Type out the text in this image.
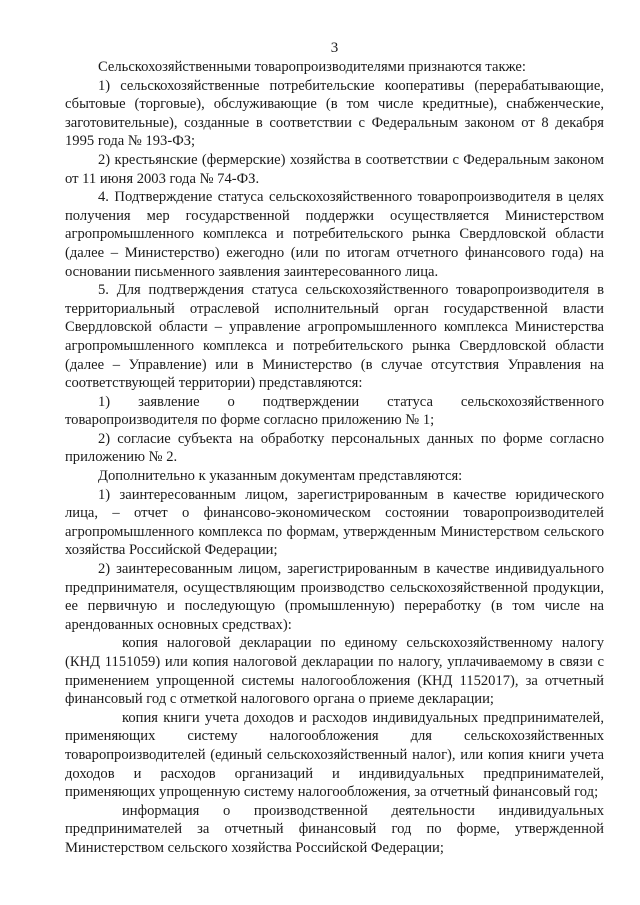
3

Сельскохозяйственными товаропроизводителями признаются также:

1) сельскохозяйственные потребительские кооперативы (перерабатывающие, сбытовые (торговые), обслуживающие (в том числе кредитные), снабженческие, заготовительные), созданные в соответствии с Федеральным законом от 8 декабря 1995 года № 193-ФЗ;

2) крестьянские (фермерские) хозяйства в соответствии с Федеральным законом от 11 июня 2003 года № 74-ФЗ.

4. Подтверждение статуса сельскохозяйственного товаропроизводителя в целях получения мер государственной поддержки осуществляется Министерством агропромышленного комплекса и потребительского рынка Свердловской области (далее – Министерство) ежегодно (или по итогам отчетного финансового года) на основании письменного заявления заинтересованного лица.

5. Для подтверждения статуса сельскохозяйственного товаропроизводителя в территориальный отраслевой исполнительный орган государственной власти Свердловской области – управление агропромышленного комплекса Министерства агропромышленного комплекса и потребительского рынка Свердловской области (далее – Управление) или в Министерство (в случае отсутствия Управления на соответствующей территории) представляются:

1) заявление о подтверждении статуса сельскохозяйственного товаропроизводителя по форме согласно приложению № 1;

2) согласие субъекта на обработку персональных данных по форме согласно приложению № 2.

Дополнительно к указанным документам представляются:

1) заинтересованным лицом, зарегистрированным в качестве юридического лица, – отчет о финансово-экономическом состоянии товаропроизводителей агропромышленного комплекса по формам, утвержденным Министерством сельского хозяйства Российской Федерации;

2) заинтересованным лицом, зарегистрированным в качестве индивидуального предпринимателя, осуществляющим производство сельскохозяйственной продукции, ее первичную и последующую (промышленную) переработку (в том числе на арендованных основных средствах):

копия налоговой декларации по единому сельскохозяйственному налогу (КНД 1151059) или копия налоговой декларации по налогу, уплачиваемому в связи с применением упрощенной системы налогообложения (КНД 1152017), за отчетный финансовый год с отметкой налогового органа о приеме декларации;

копия книги учета доходов и расходов индивидуальных предпринимателей, применяющих систему налогообложения для сельскохозяйственных товаропроизводителей (единый сельскохозяйственный налог), или копия книги учета доходов и расходов организаций и индивидуальных предпринимателей, применяющих упрощенную систему налогообложения, за отчетный финансовый год;

информация о производственной деятельности индивидуальных предпринимателей за отчетный финансовый год по форме, утвержденной Министерством сельского хозяйства Российской Федерации;
